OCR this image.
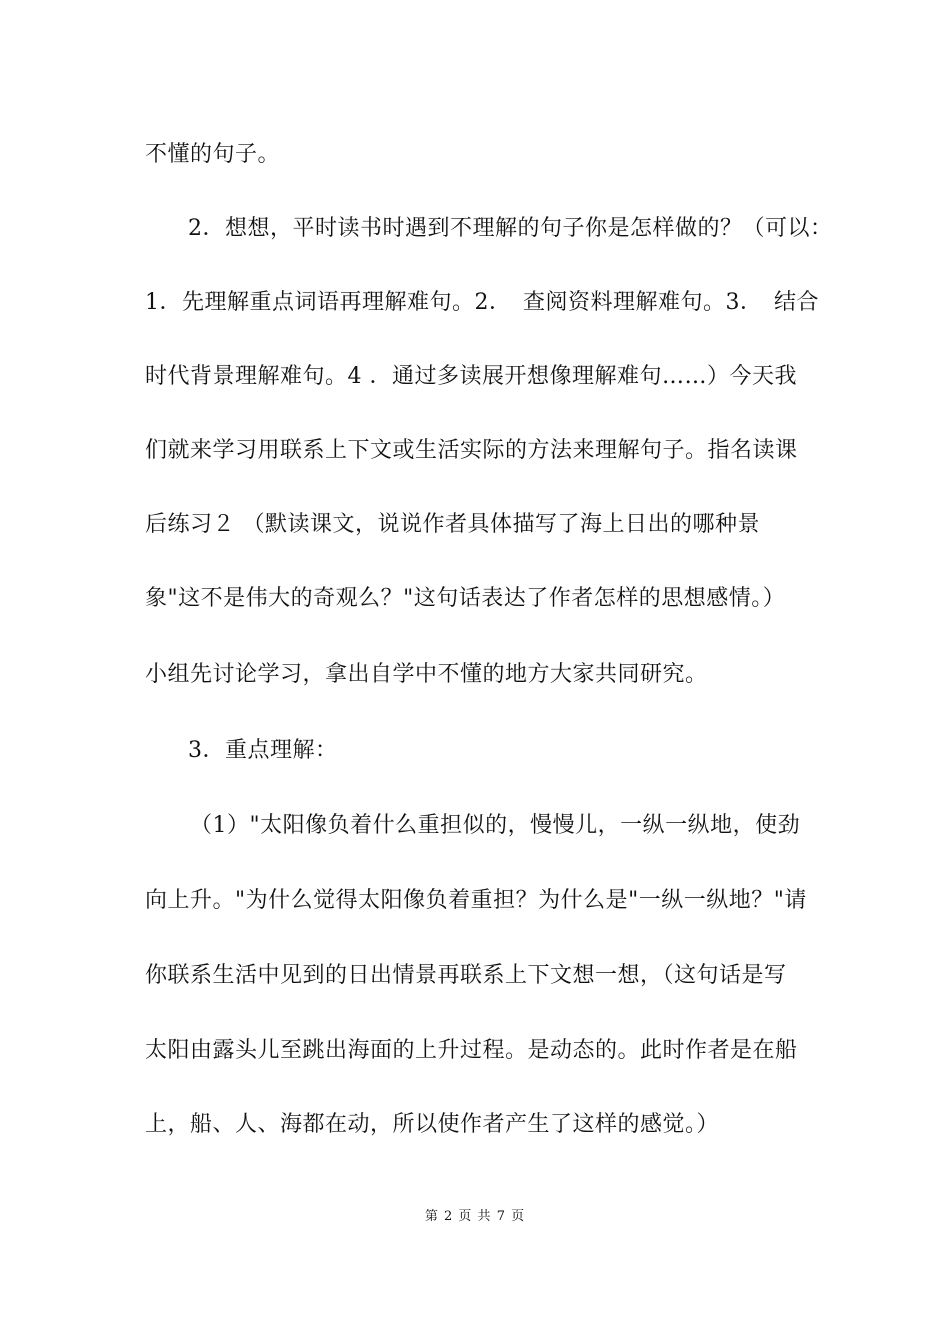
不懂的句子。
2．想想，平时读书时遇到不理解的句子你是怎样做的？（可以：
1．先理解重点词语再理解难句。2．　查阅资料理解难句。3．　结合
时代背景理解难句。4 ．通过多读展开想像理解难句……）今天我
们就来学习用联系上下文或生活实际的方法来理解句子。指名读课
后练习２ （默读课文，说说作者具体描写了海上日出的哪种景
象"这不是伟大的奇观么？"这句话表达了作者怎样的思想感情。）
小组先讨论学习，拿出自学中不懂的地方大家共同研究。
3．重点理解：
（1）"太阳像负着什么重担似的，慢慢儿，一纵一纵地，使劲
向上升。"为什么觉得太阳像负着重担？为什么是"一纵一纵地？"请
你联系生活中见到的日出情景再联系上下文想一想，（这句话是写
太阳由露头儿至跳出海面的上升过程。是动态的。此时作者是在船
上，船、人、海都在动，所以使作者产生了这样的感觉。）
第 2 页 共 7 页
